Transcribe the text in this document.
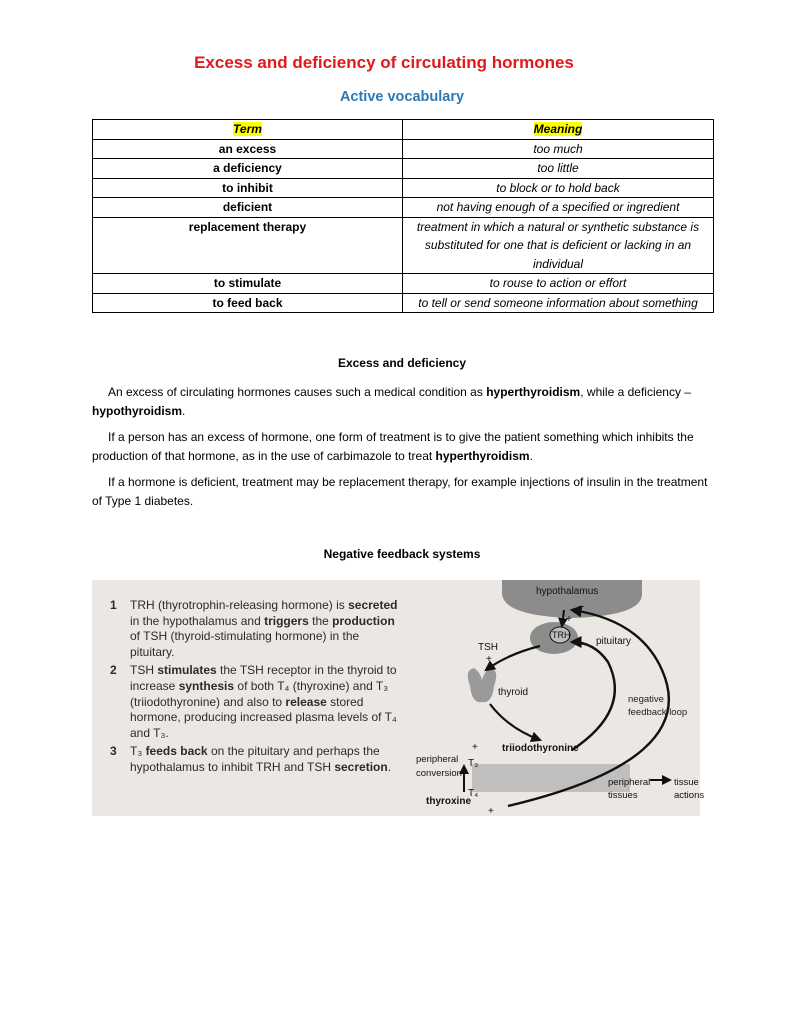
Excess and deficiency of circulating hormones
Active vocabulary
Term	Meaning
an excess	too much
a deficiency	too little
to inhibit	to block or to hold back
deficient	not having enough of a specified or ingredient
replacement therapy	treatment in which a natural or synthetic substance is substituted for one that is deficient or lacking in an individual
to stimulate	to rouse to action or effort
to feed back	to tell or send someone information about something
Excess and deficiency
An excess of circulating hormones causes such a medical condition as hyperthyroidism, while a deficiency – hypothyroidism.
If a person has an excess of hormone, one form of treatment is to give the patient something which inhibits the production of that hormone, as in the use of carbimazole to treat hyperthyroidism.
If a hormone is deficient, treatment may be replacement therapy, for example injections of insulin in the treatment of Type 1 diabetes.
Negative feedback systems
1 TRH (thyrotrophin-releasing hormone) is secreted in the hypothalamus and triggers the production of TSH (thyroid-stimulating hormone) in the pituitary.
2 TSH stimulates the TSH receptor in the thyroid to increase synthesis of both T₄ (thyroxine) and T₃ (triiodothyronine) and also to release stored hormone, producing increased plasma levels of T₄ and T₃.
3 T₃ feeds back on the pituitary and perhaps the hypothalamus to inhibit TRH and TSH secretion.
hypothalamus
TRH
pituitary
TSH
thyroid
negative
feedback loop
triiodothyronine
peripheral
conversion
T₃
T₄
peripheral
tissues
tissue
actions
thyroxine
+
+
−
−
+
+
